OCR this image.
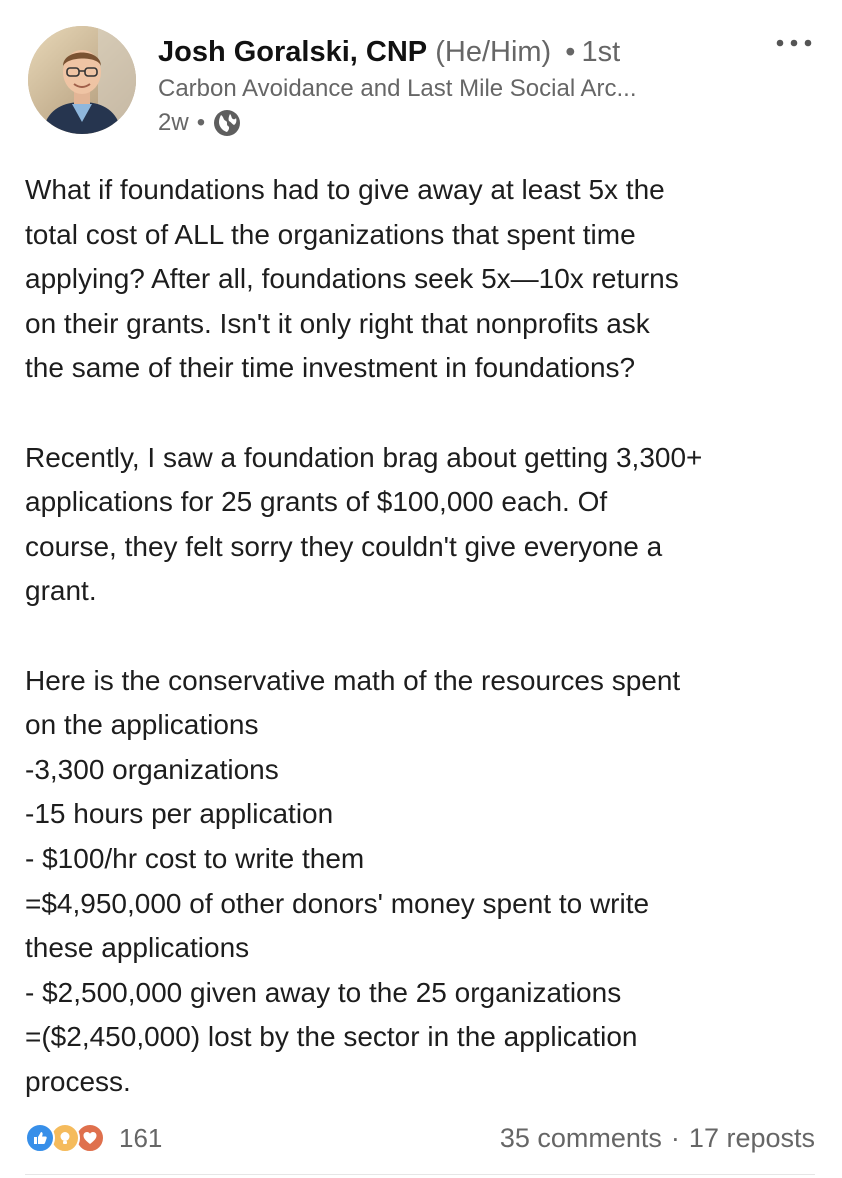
Josh Goralski, CNP (He/Him) • 1st
Carbon Avoidance and Last Mile Social Arc...
2w •

What if foundations had to give away at least 5x the
total cost of ALL the organizations that spent time
applying? After all, foundations seek 5x—10x returns
on their grants. Isn't it only right that nonprofits ask
the same of their time investment in foundations?

Recently, I saw a foundation brag about getting 3,300+
applications for 25 grants of $100,000 each. Of
course, they felt sorry they couldn't give everyone a
grant.

Here is the conservative math of the resources spent
on the applications
-3,300 organizations
-15 hours per application
- $100/hr cost to write them
=$4,950,000 of other donors' money spent to write
these applications
- $2,500,000 given away to the 25 organizations
=($2,450,000) lost by the sector in the application
process.

161	35 comments · 17 reposts
